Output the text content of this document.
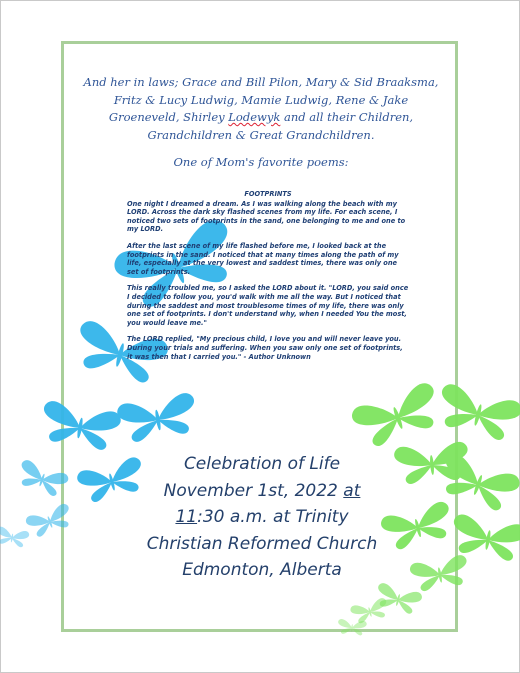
And her in laws; Grace and Bill Pilon, Mary & Sid Braaksma, Fritz & Lucy Ludwig, Mamie Ludwig, Rene & Jake Groeneveld, Shirley Lodewyk and all their Children, Grandchildren & Great Grandchildren.
One of Mom's favorite poems:
FOOTPRINTS

One night I dreamed a dream. As I was walking along the beach with my LORD. Across the dark sky flashed scenes from my life. For each scene, I noticed two sets of footprints in the sand, one belonging to me and one to my LORD.

After the last scene of my life flashed before me, I looked back at the footprints in the sand. I noticed that at many times along the path of my life, especially at the very lowest and saddest times, there was only one set of footprints.

This really troubled me, so I asked the LORD about it. "LORD, you said once I decided to follow you, you'd walk with me all the way. But I noticed that during the saddest and most troublesome times of my life, there was only one set of footprints. I don't understand why, when I needed You the most, you would leave me."

The LORD replied, "My precious child, I love you and will never leave you. During your trials and suffering. When you saw only one set of footprints, it was then that I carried you." - Author Unknown

Celebration of Life
November 1st, 2022 at
11:30 a.m. at Trinity
Christian Reformed Church
Edmonton, Alberta
